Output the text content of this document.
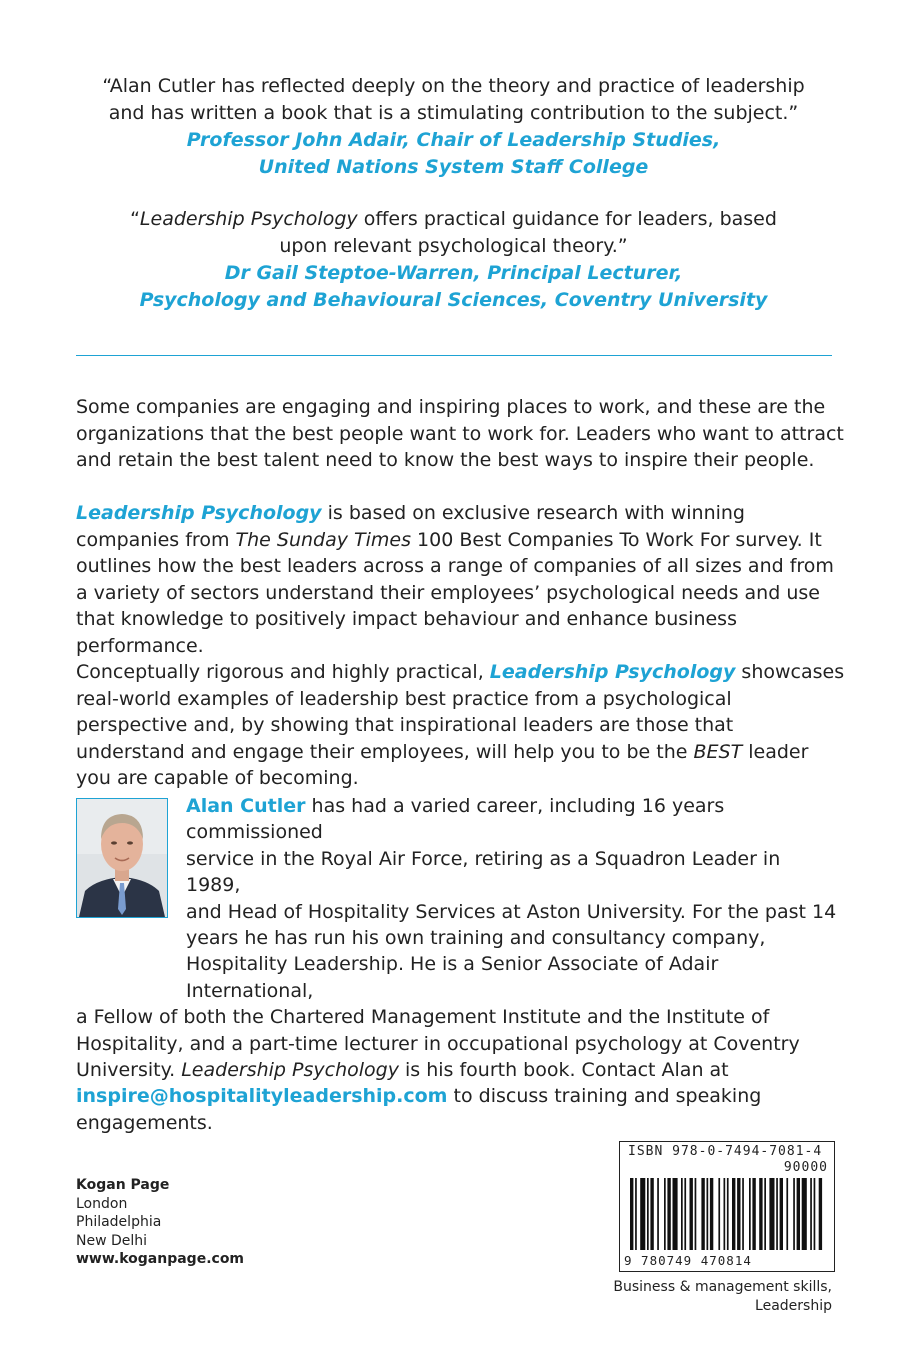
“Alan Cutler has reflected deeply on the theory and practice of leadership
and has written a book that is a stimulating contribution to the subject.”
Professor John Adair, Chair of Leadership Studies,
United Nations System Staff College
“Leadership Psychology offers practical guidance for leaders, based
upon relevant psychological theory.”
Dr Gail Steptoe-Warren, Principal Lecturer,
Psychology and Behavioural Sciences, Coventry University
Some companies are engaging and inspiring places to work, and these are the organizations that the best people want to work for. Leaders who want to attract and retain the best talent need to know the best ways to inspire their people.
Leadership Psychology is based on exclusive research with winning companies from The Sunday Times 100 Best Companies To Work For survey. It outlines how the best leaders across a range of companies of all sizes and from a variety of sectors understand their employees’ psychological needs and use that knowledge to positively impact behaviour and enhance business performance.
Conceptually rigorous and highly practical, Leadership Psychology showcases real-world examples of leadership best practice from a psychological perspective and, by showing that inspirational leaders are those that understand and engage their employees, will help you to be the BEST leader you are capable of becoming.
Alan Cutler has had a varied career, including 16 years commissioned
service in the Royal Air Force, retiring as a Squadron Leader in 1989,
and Head of Hospitality Services at Aston University. For the past 14
years he has run his own training and consultancy company,
Hospitality Leadership. He is a Senior Associate of Adair International,
a Fellow of both the Chartered Management Institute and the Institute of
Hospitality, and a part-time lecturer in occupational psychology at Coventry
University. Leadership Psychology is his fourth book. Contact Alan at
inspire@hospitalityleadership.com to discuss training and speaking
engagements.
Kogan Page
London
Philadelphia
New Delhi
www.koganpage.com
ISBN 978-0-7494-7081-4
90000
9 780749 470814
Business & management skills,
Leadership
